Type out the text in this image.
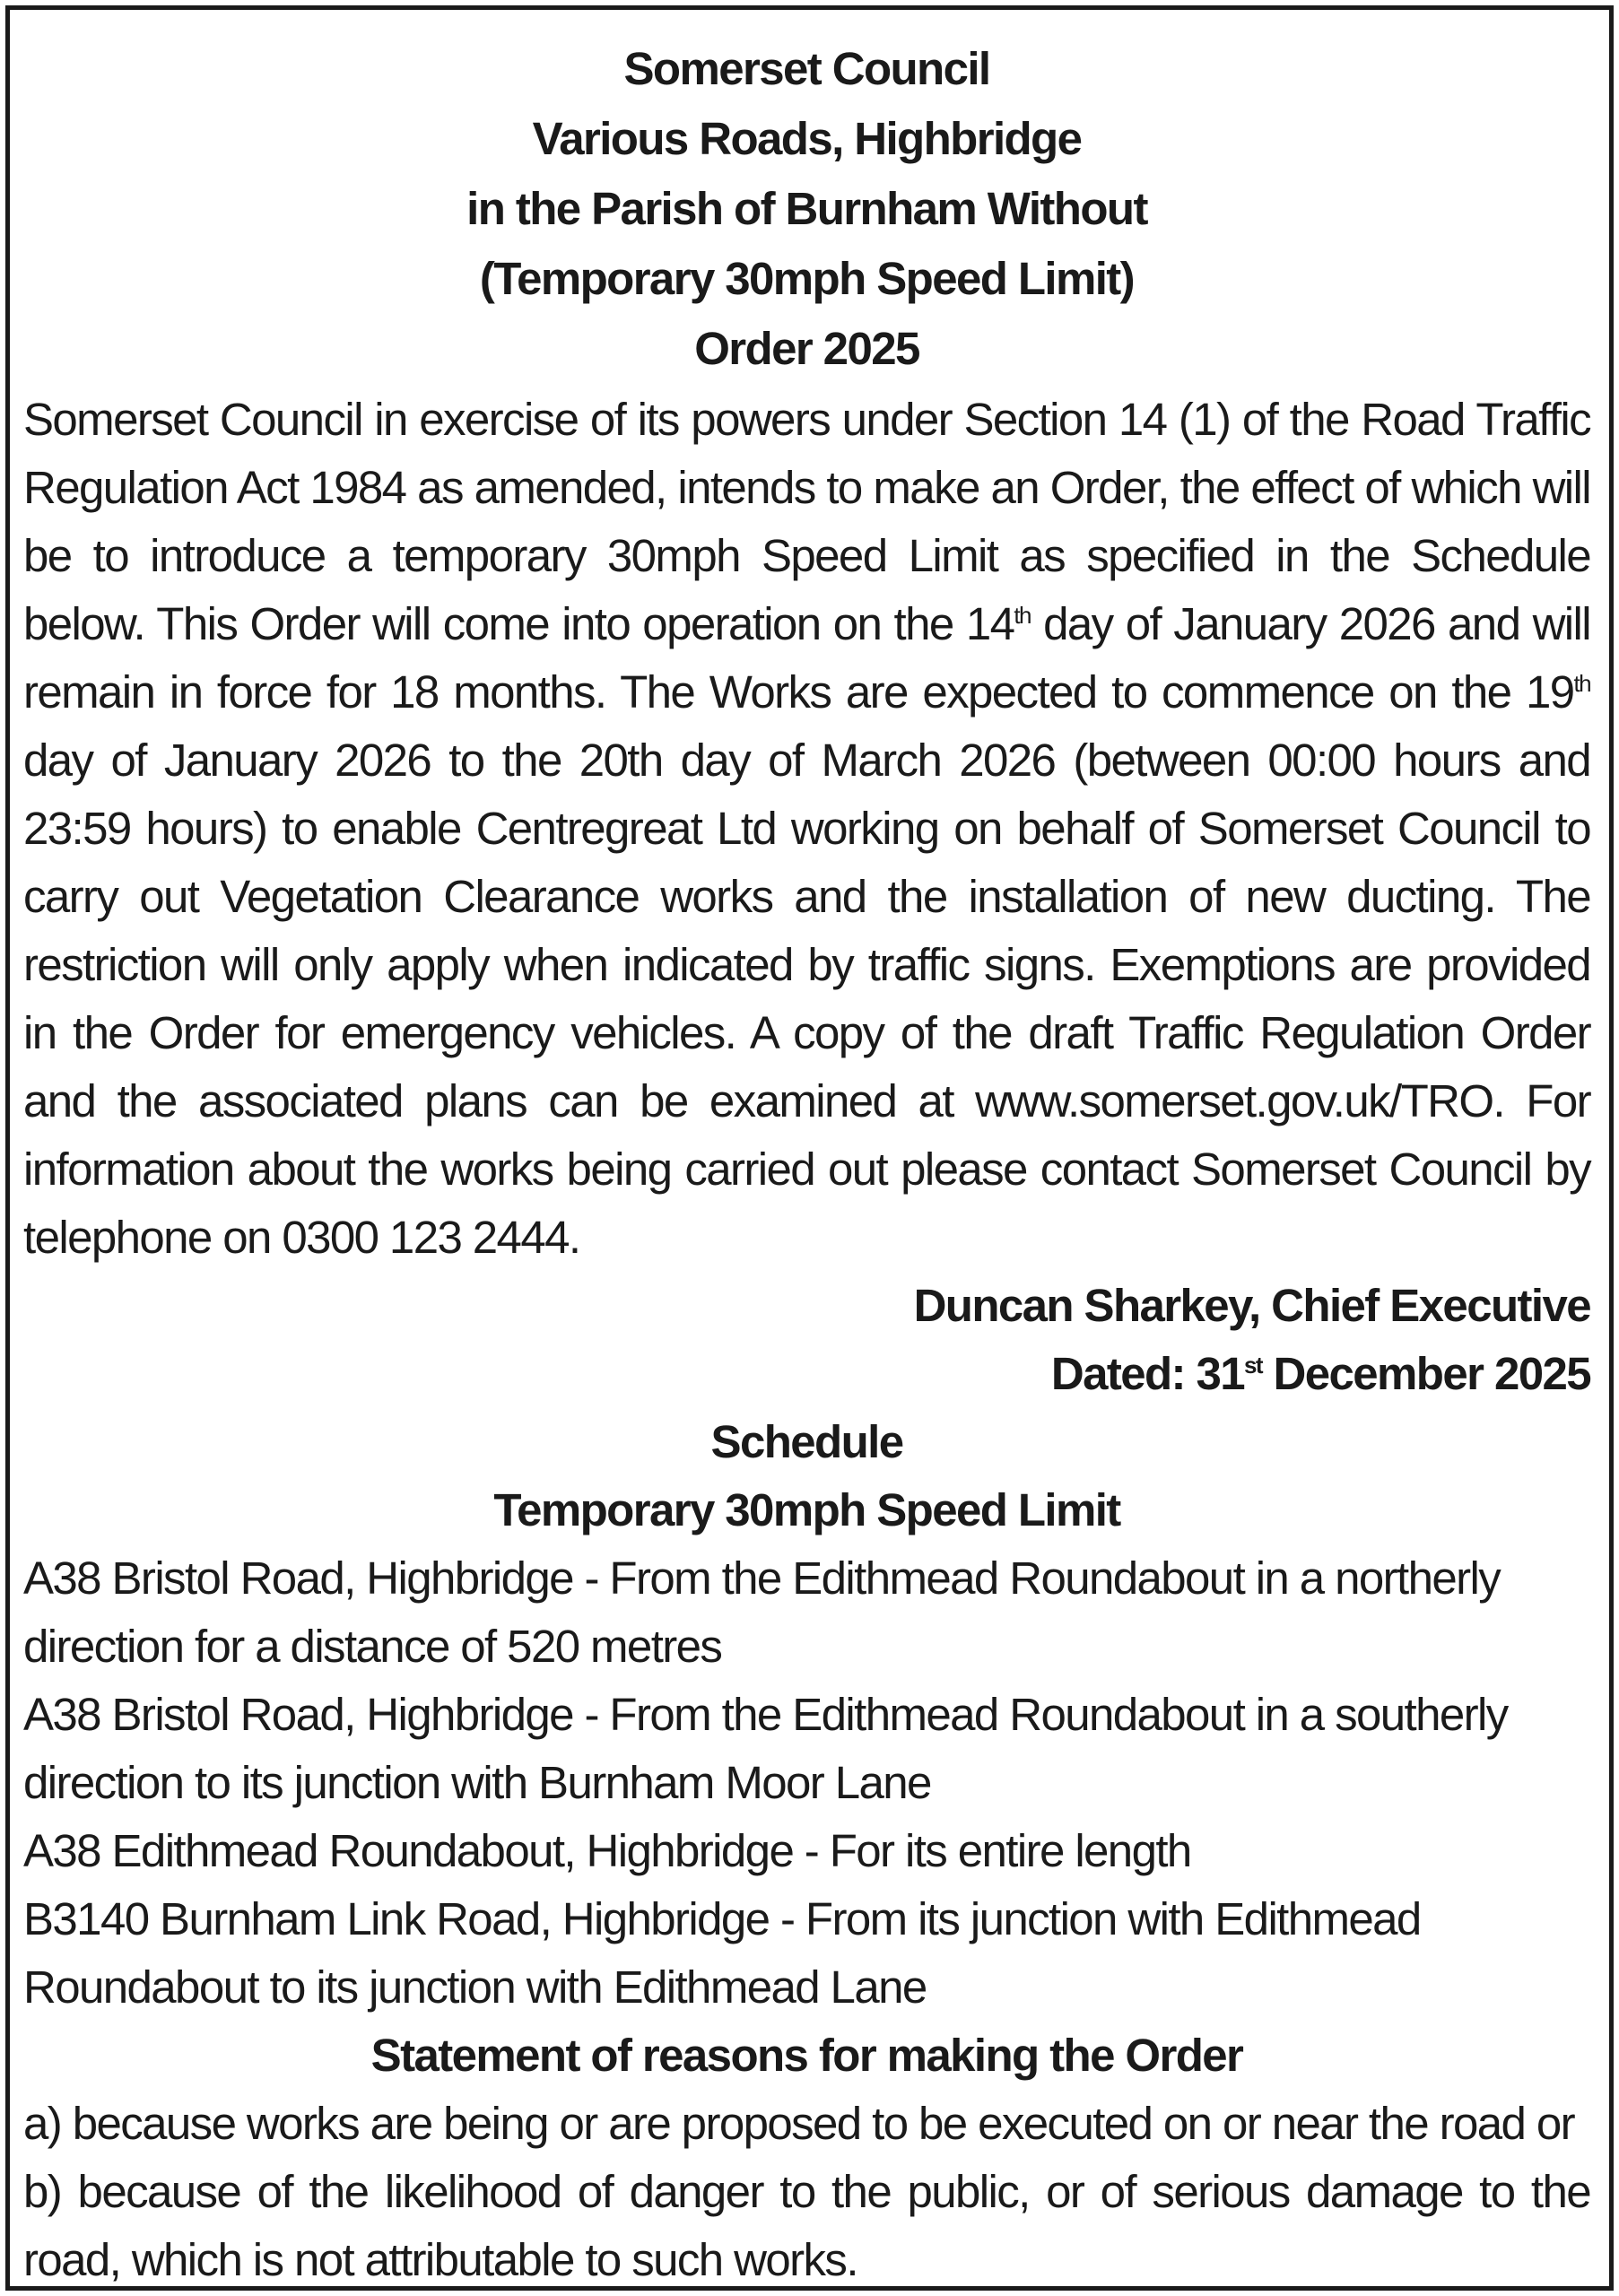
Somerset Council
Various Roads, Highbridge
in the Parish of Burnham Without
(Temporary 30mph Speed Limit)
Order 2025
Somerset Council in exercise of its powers under Section 14 (1) of the Road Traffic Regulation Act 1984 as amended, intends to make an Order, the effect of which will be to introduce a temporary 30mph Speed Limit as specified in the Schedule below. This Order will come into operation on the 14th day of January 2026 and will remain in force for 18 months. The Works are expected to commence on the 19th day of January 2026 to the 20th day of March 2026 (between 00:00 hours and 23:59 hours) to enable Centregreat Ltd working on behalf of Somerset Council to carry out Vegetation Clearance works and the installation of new ducting. The restriction will only apply when indicated by traffic signs. Exemptions are provided in the Order for emergency vehicles. A copy of the draft Traffic Regulation Order and the associated plans can be examined at www.somerset.gov.uk/TRO. For information about the works being carried out please contact Somerset Council by telephone on 0300 123 2444.
Duncan Sharkey, Chief Executive
Dated: 31st December 2025
Schedule
Temporary 30mph Speed Limit
A38 Bristol Road, Highbridge - From the Edithmead Roundabout in a northerly direction for a distance of 520 metres
A38 Bristol Road, Highbridge - From the Edithmead Roundabout in a southerly direction to its junction with Burnham Moor Lane
A38 Edithmead Roundabout, Highbridge - For its entire length
B3140 Burnham Link Road, Highbridge - From its junction with Edithmead Roundabout to its junction with Edithmead Lane
Statement of reasons for making the Order
a) because works are being or are proposed to be executed on or near the road or
b) because of the likelihood of danger to the public, or of serious damage to the road, which is not attributable to such works.
